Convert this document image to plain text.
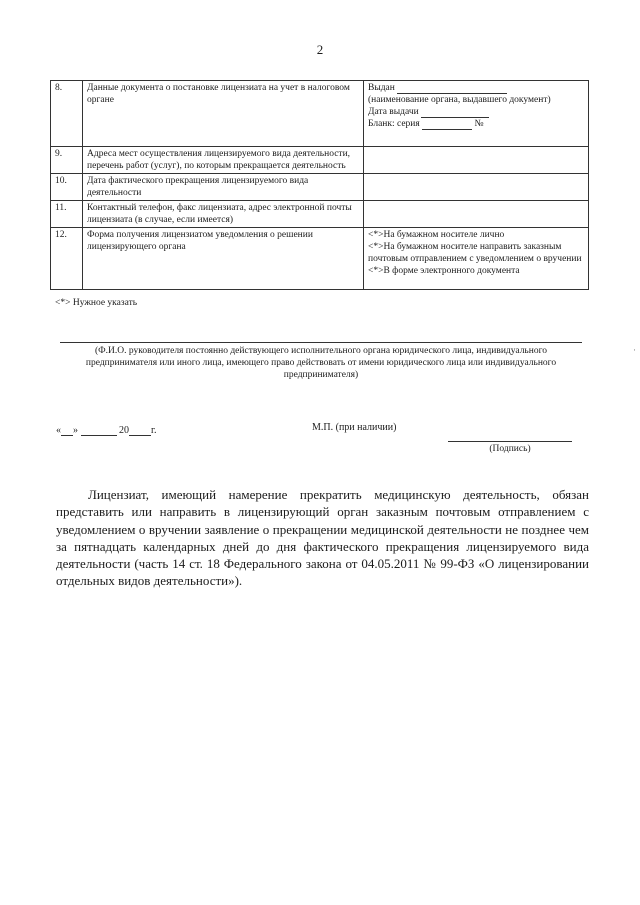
2
8.	Данные документа о постановке лицензиата на учет в налоговом органе	Выдан
(наименование органа, выдавшего документ)
Дата выдачи
Бланк: серия №

9.	Адреса мест осуществления лицензируемого вида деятельности, перечень работ (услуг), по которым прекращается деятельность	
10.	Дата фактического прекращения лицензируемого вида деятельности	
11.	Контактный телефон, факс лицензиата, адрес электронной почты лицензиата (в случае, если имеется)	
12.	Форма получения лицензиатом уведомления о решении лицензирующего органа	<*>На бумажном носителе лично
<*>На бумажном носителе направить заказным почтовым отправлением с уведомлением о вручении
<*>В форме электронного документа
<*> Нужное указать
(Ф.И.О. руководителя постоянно действующего исполнительного органа юридического лица, индивидуального предпринимателя или иного лица, имеющего право действовать от имени юридического лица или индивидуального предпринимателя)
« »	20 г.	М.П. (при наличии)
(Подпись)
Лицензиат, имеющий намерение прекратить медицинскую деятельность, обязан представить или направить в лицензирующий орган заказным почтовым отправлением с уведомлением о вручении заявление о прекращении медицинской деятельности не позднее чем за пятнадцать календарных дней до дня фактического прекращения лицензируемого вида деятельности (часть 14 ст. 18 Федерального закона от 04.05.2011 № 99-ФЗ «О лицензировании отдельных видов деятельности»).
·
